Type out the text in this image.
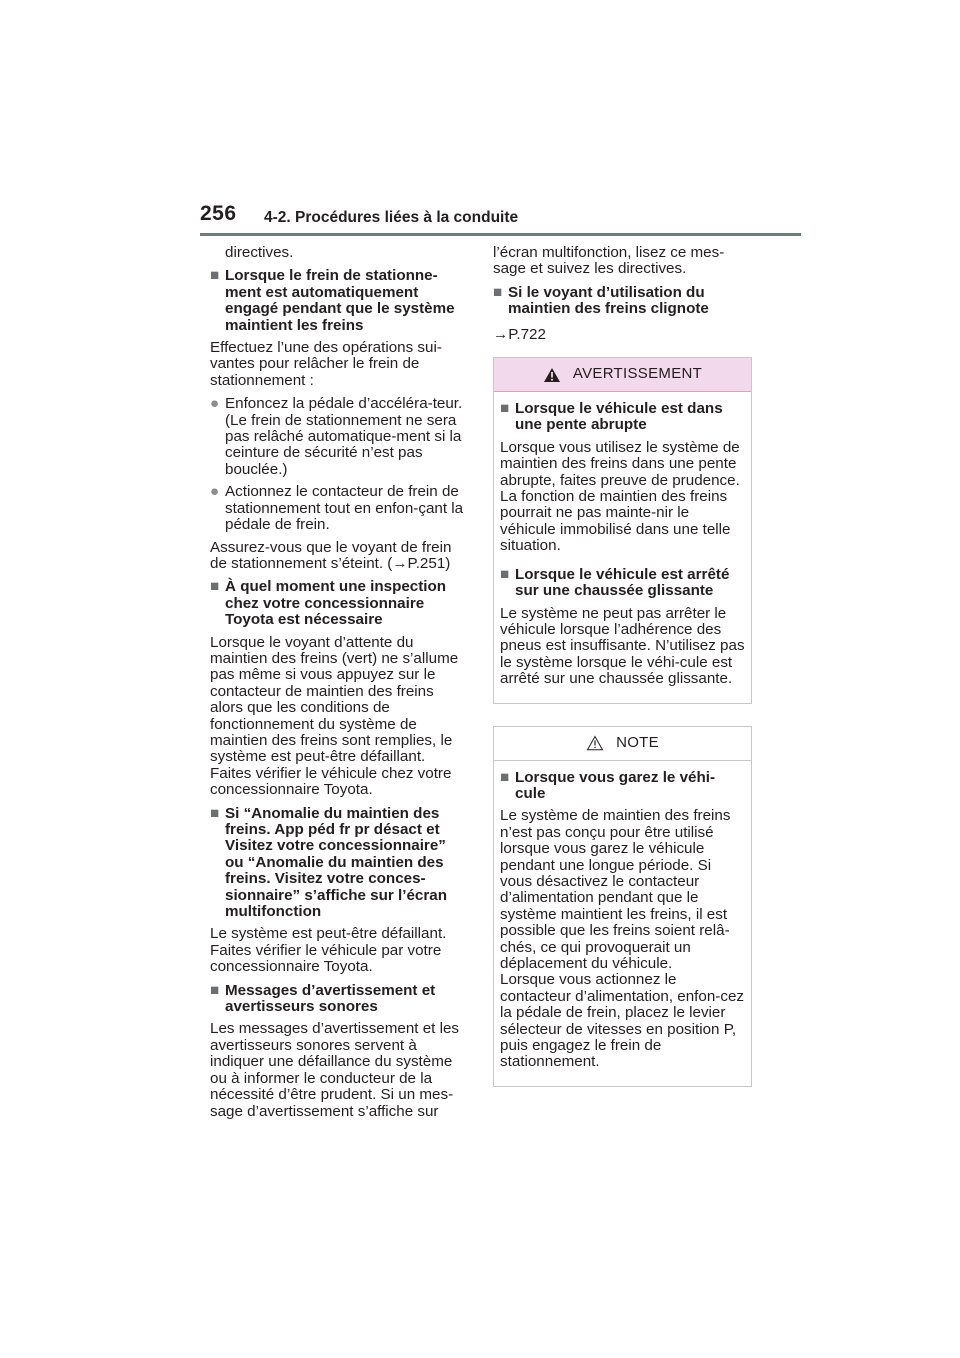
256 4-2. Procédures liées à la conduite

directives.

■ Lorsque le frein de stationne-ment est automatiquement engagé pendant que le système maintient les freins

Effectuez l’une des opérations sui-vantes pour relâcher le frein de stationnement :

● Enfoncez la pédale d’accéléra-teur. (Le frein de stationnement ne sera pas relâché automatique-ment si la ceinture de sécurité n’est pas bouclée.)
● Actionnez le contacteur de frein de stationnement tout en enfon-çant la pédale de frein.

Assurez-vous que le voyant de frein de stationnement s’éteint. (→P.251)

■ À quel moment une inspection chez votre concessionnaire Toyota est nécessaire

Lorsque le voyant d’attente du maintien des freins (vert) ne s’allume pas même si vous appuyez sur le contacteur de maintien des freins alors que les conditions de fonctionnement du système de maintien des freins sont remplies, le système est peut-être défaillant. Faites vérifier le véhicule chez votre concessionnaire Toyota.

■ Si “Anomalie du maintien des freins. App péd fr pr désact et Visitez votre concessionnaire” ou “Anomalie du maintien des freins. Visitez votre conces-sionnaire” s’affiche sur l’écran multifonction

Le système est peut-être défaillant. Faites vérifier le véhicule par votre concessionnaire Toyota.

■ Messages d’avertissement et avertisseurs sonores

Les messages d’avertissement et les avertisseurs sonores servent à indiquer une défaillance du système ou à informer le conducteur de la nécessité d’être prudent. Si un mes-sage d’avertissement s’affiche sur

l’écran multifonction, lisez ce mes-sage et suivez les directives.

■ Si le voyant d’utilisation du maintien des freins clignote

→P.722

AVERTISSEMENT
■ Lorsque le véhicule est dans une pente abrupte

Lorsque vous utilisez le système de maintien des freins dans une pente abrupte, faites preuve de prudence. La fonction de maintien des freins pourrait ne pas mainte-nir le véhicule immobilisé dans une telle situation.

■ Lorsque le véhicule est arrêté sur une chaussée glissante

Le système ne peut pas arrêter le véhicule lorsque l’adhérence des pneus est insuffisante. N’utilisez pas le système lorsque le véhi-cule est arrêté sur une chaussée glissante.

NOTE
■ Lorsque vous garez le véhi-cule

Le système de maintien des freins n’est pas conçu pour être utilisé lorsque vous garez le véhicule pendant une longue période. Si vous désactivez le contacteur d’alimentation pendant que le système maintient les freins, il est possible que les freins soient relâ-chés, ce qui provoquerait un déplacement du véhicule.

Lorsque vous actionnez le contacteur d’alimentation, enfon-cez la pédale de frein, placez le levier sélecteur de vitesses en position P, puis engagez le frein de stationnement.
